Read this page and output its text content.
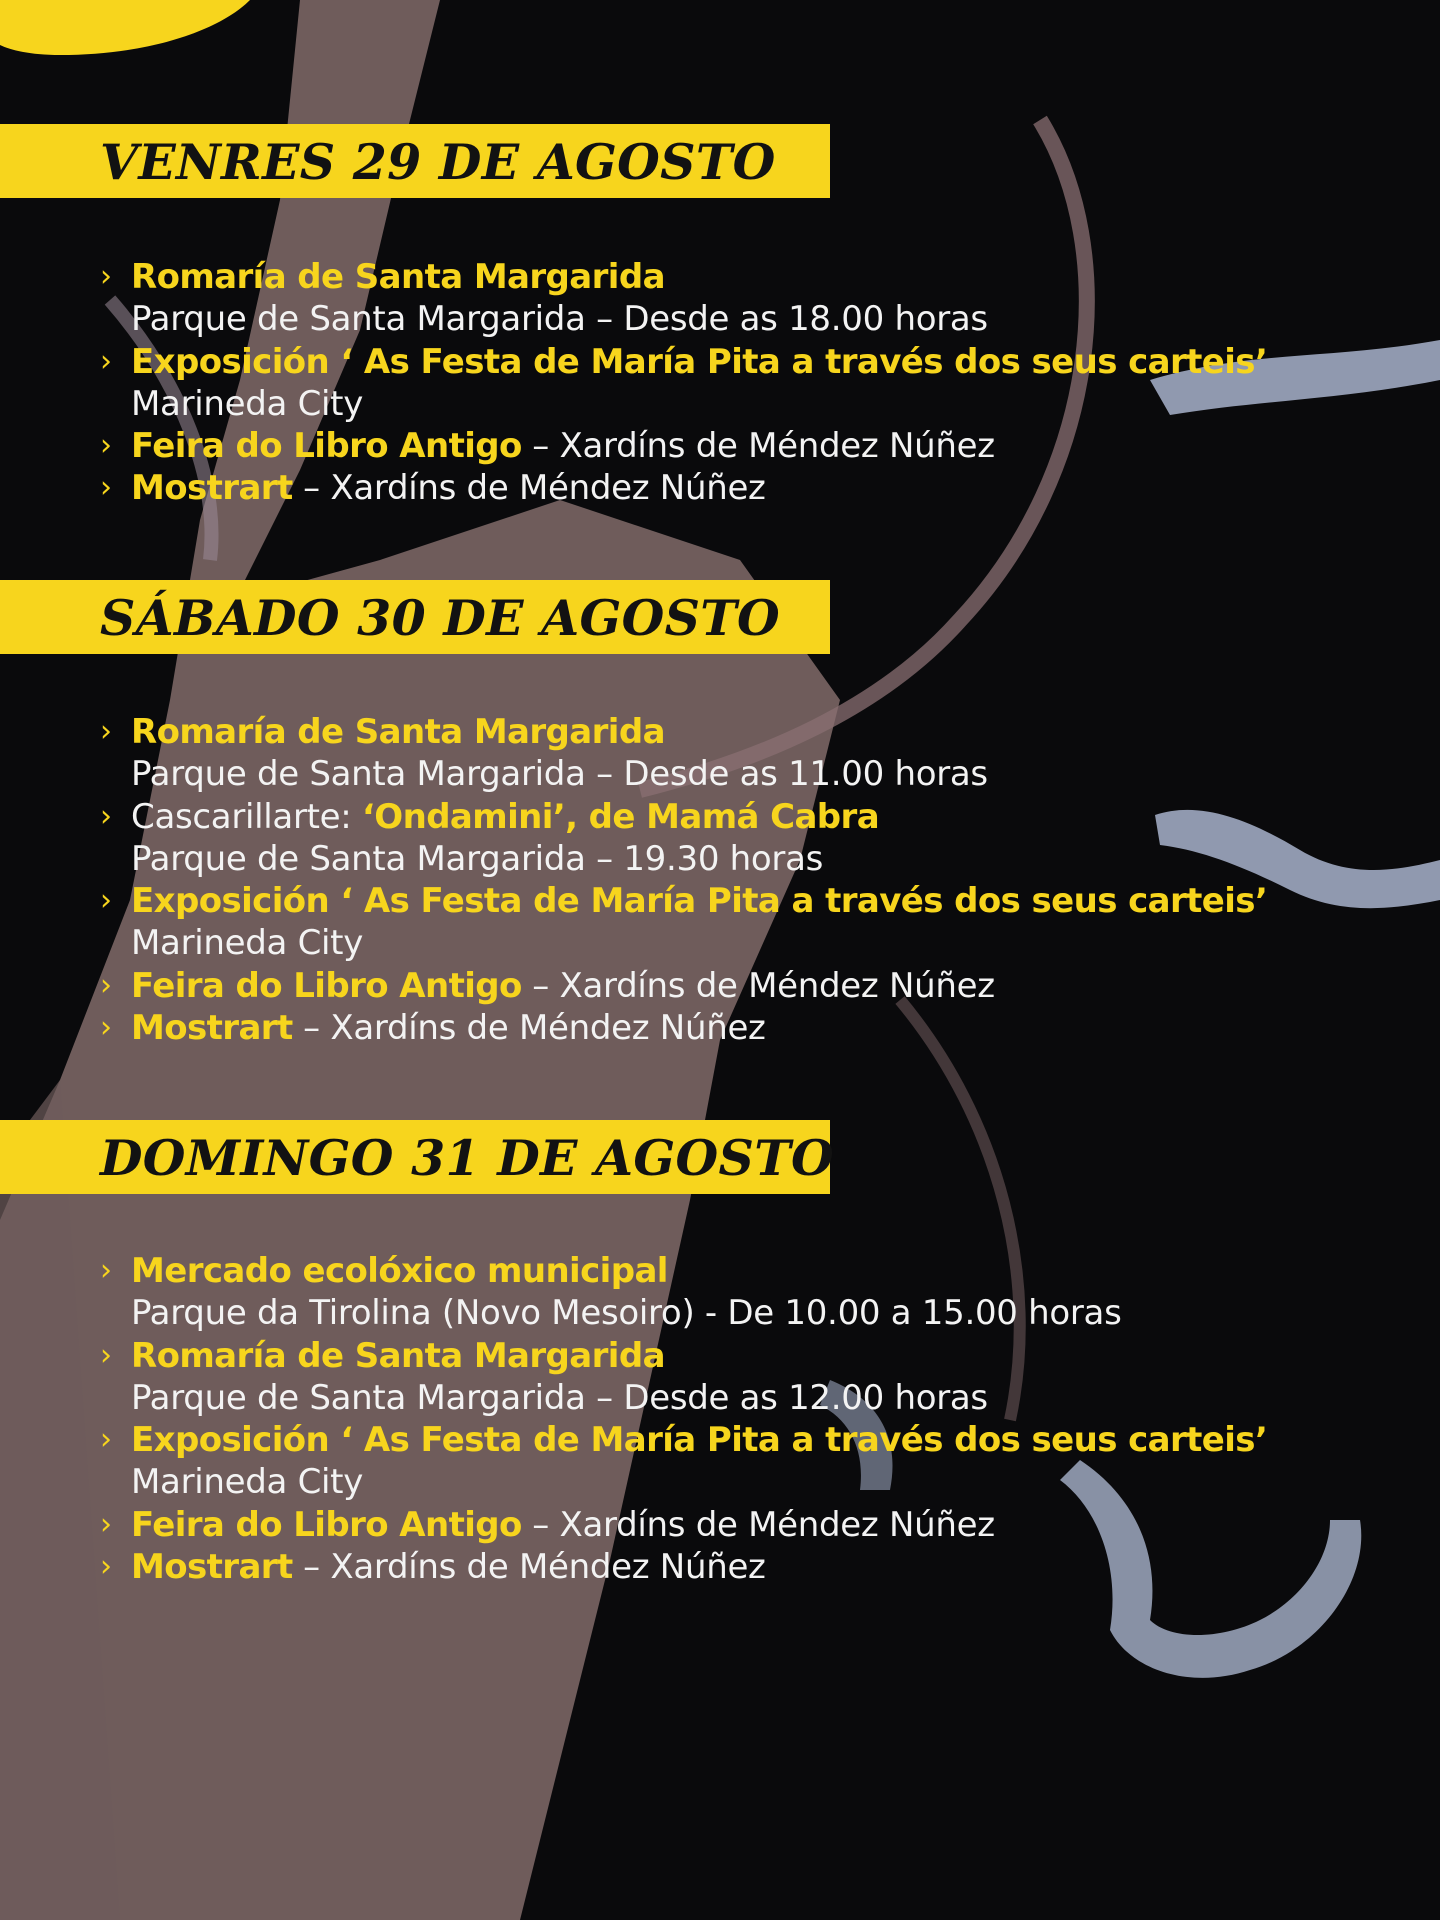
VENRES 29 DE AGOSTO
› Romaría de Santa Margarida
Parque de Santa Margarida – Desde as 18.00 horas
› Exposición ‘ As Festa de María Pita a través dos seus carteis’
Marineda City
› Feira do Libro Antigo – Xardíns de Méndez Núñez
› Mostrart – Xardíns de Méndez Núñez
SÁBADO 30 DE AGOSTO
› Romaría de Santa Margarida
Parque de Santa Margarida – Desde as 11.00 horas
› Cascarillarte: ‘Ondamini’, de Mamá Cabra
Parque de Santa Margarida – 19.30 horas
› Exposición ‘ As Festa de María Pita a través dos seus carteis’
Marineda City
› Feira do Libro Antigo – Xardíns de Méndez Núñez
› Mostrart – Xardíns de Méndez Núñez
DOMINGO 31 DE AGOSTO
› Mercado ecolóxico municipal
Parque da Tirolina (Novo Mesoiro) - De 10.00 a 15.00 horas
› Romaría de Santa Margarida
Parque de Santa Margarida – Desde as 12.00 horas
› Exposición ‘ As Festa de María Pita a través dos seus carteis’
Marineda City
› Feira do Libro Antigo – Xardíns de Méndez Núñez
› Mostrart – Xardíns de Méndez Núñez
